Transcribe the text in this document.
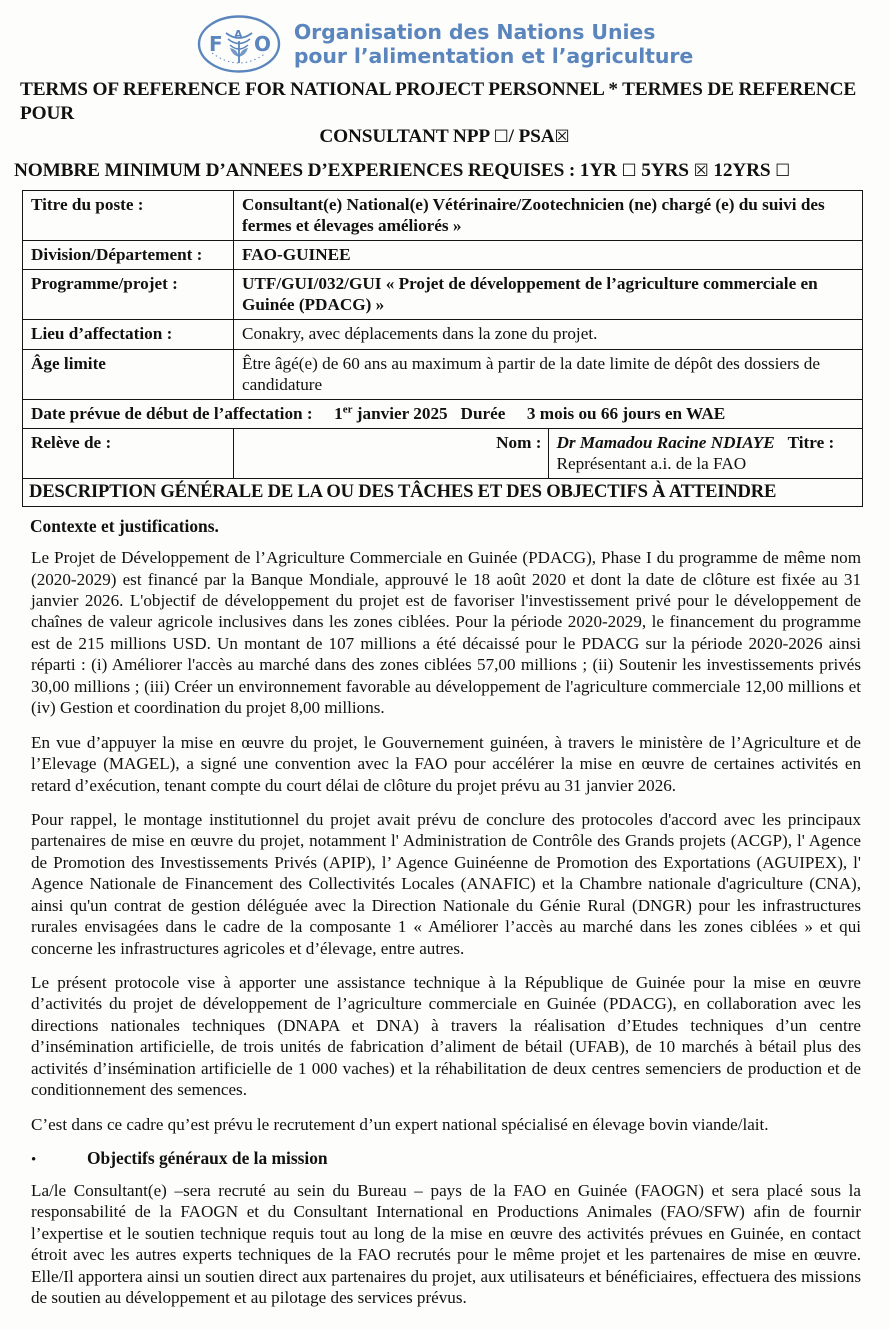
F O
A	Organisation des Nations Unies
pour l’alimentation et l’agriculture
TERMS OF REFERENCE FOR NATIONAL PROJECT PERSONNEL * TERMES DE REFERENCE POUR
CONSULTANT NPP ☐/ PSA☒
NOMBRE MINIMUM D’ANNEES D’EXPERIENCES REQUISES : 1YR ☐ 5YRS ☒ 12YRS ☐
Titre du poste :	Consultant(e) National(e) Vétérinaire/Zootechnicien (ne) chargé (e) du suivi des fermes et élevages améliorés »	
Division/Département :	FAO-GUINEE	
Programme/projet :	UTF/GUI/032/GUI « Projet de développement de l’agriculture commerciale en Guinée (PDACG) »	
Lieu d’affectation :	Conakry, avec déplacements dans la zone du projet.	
Âge limite	Être âgé(e) de 60 ans au maximum à partir de la date limite de dépôt des dossiers de candidature	
Date prévue de début de l’affectation : 1er janvier 2025 Durée 3 mois ou 66 jours en WAE		
Relève de :	Nom :	Dr Mamadou Racine NDIAYE Titre : Représentant a.i. de la FAO
DESCRIPTION GÉNÉRALE DE LA OU DES TÂCHES ET DES OBJECTIFS À ATTEINDRE
Contexte et justifications.

Le Projet de Développement de l’Agriculture Commerciale en Guinée (PDACG), Phase I du programme de même nom (2020-2029) est financé par la Banque Mondiale, approuvé le 18 août 2020 et dont la date de clôture est fixée au 31 janvier 2026. L'objectif de développement du projet est de favoriser l'investissement privé pour le développement de chaînes de valeur agricole inclusives dans les zones ciblées. Pour la période 2020-2029, le financement du programme est de 215 millions USD. Un montant de 107 millions a été décaissé pour le PDACG sur la période 2020-2026 ainsi réparti : (i) Améliorer l'accès au marché dans des zones ciblées 57,00 millions ; (ii) Soutenir les investissements privés 30,00 millions ; (iii) Créer un environnement favorable au développement de l'agriculture commerciale 12,00 millions et (iv) Gestion et coordination du projet 8,00 millions.

En vue d’appuyer la mise en œuvre du projet, le Gouvernement guinéen, à travers le ministère de l’Agriculture et de l’Elevage (MAGEL), a signé une convention avec la FAO pour accélérer la mise en œuvre de certaines activités en retard d’exécution, tenant compte du court délai de clôture du projet prévu au 31 janvier 2026.

Pour rappel, le montage institutionnel du projet avait prévu de conclure des protocoles d'accord avec les principaux partenaires de mise en œuvre du projet, notamment l' Administration de Contrôle des Grands projets (ACGP), l' Agence de Promotion des Investissements Privés (APIP), l’ Agence Guinéenne de Promotion des Exportations (AGUIPEX), l' Agence Nationale de Financement des Collectivités Locales (ANAFIC) et la Chambre nationale d'agriculture (CNA), ainsi qu'un contrat de gestion déléguée avec la Direction Nationale du Génie Rural (DNGR) pour les infrastructures rurales envisagées dans le cadre de la composante 1 « Améliorer l’accès au marché dans les zones ciblées » et qui concerne les infrastructures agricoles et d’élevage, entre autres.

Le présent protocole vise à apporter une assistance technique à la République de Guinée pour la mise en œuvre d’activités du projet de développement de l’agriculture commerciale en Guinée (PDACG), en collaboration avec les directions nationales techniques (DNAPA et DNA) à travers la réalisation d’Etudes techniques d’un centre d’insémination artificielle, de trois unités de fabrication d’aliment de bétail (UFAB), de 10 marchés à bétail plus des activités d’insémination artificielle de 1 000 vaches) et la réhabilitation de deux centres semenciers de production et de conditionnement des semences.

C’est dans ce cadre qu’est prévu le recrutement d’un expert national spécialisé en élevage bovin viande/lait.

•	Objectifs généraux de la mission

La/le Consultant(e) –sera recruté au sein du Bureau – pays de la FAO en Guinée (FAOGN) et sera placé sous la responsabilité de la FAOGN et du Consultant International en Productions Animales (FAO/SFW) afin de fournir l’expertise et le soutien technique requis tout au long de la mise en œuvre des activités prévues en Guinée, en contact étroit avec les autres experts techniques de la FAO recrutés pour le même projet et les partenaires de mise en œuvre. Elle/Il apportera ainsi un soutien direct aux partenaires du projet, aux utilisateurs et bénéficiaires, effectuera des missions de soutien au développement et au pilotage des services prévus.
